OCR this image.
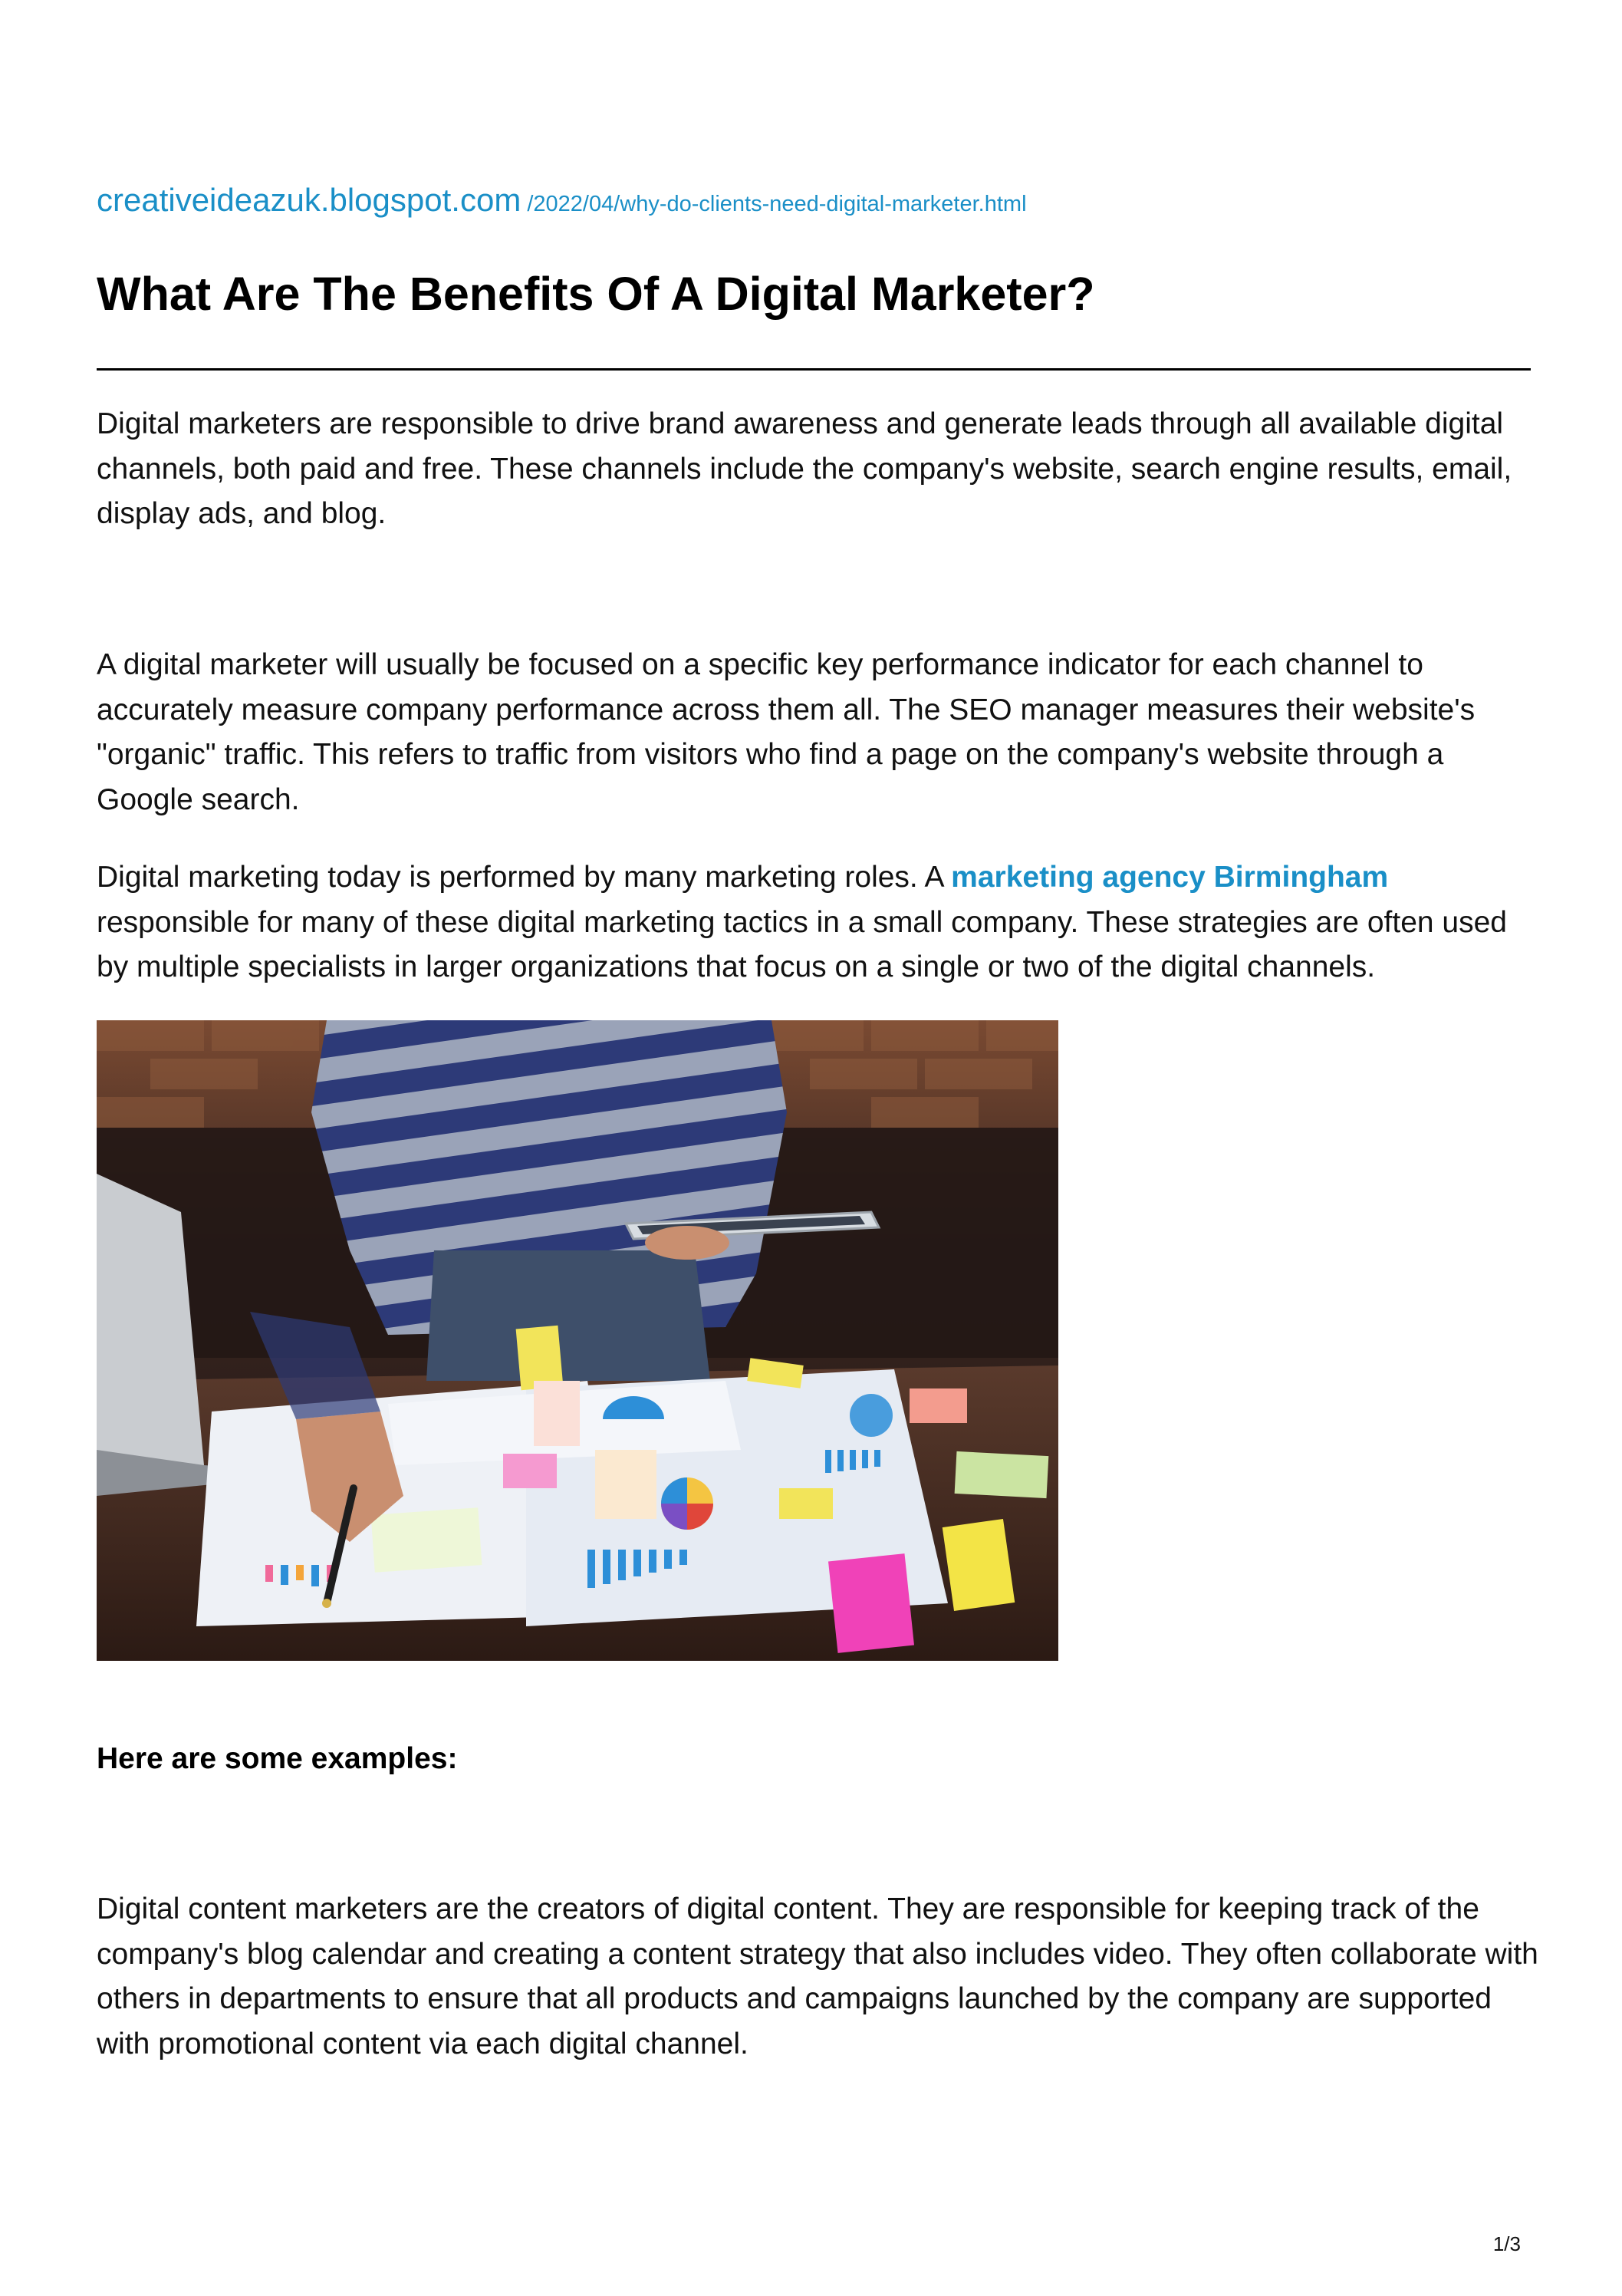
creativeideazuk.blogspot.com /2022/04/why-do-clients-need-digital-marketer.html
What Are The Benefits Of A Digital Marketer?

Digital marketers are responsible to drive brand awareness and generate leads through all available digital channels, both paid and free. These channels include the company's website, search engine results, email, display ads, and blog.

A digital marketer will usually be focused on a specific key performance indicator for each channel to accurately measure company performance across them all. The SEO manager measures their website's "organic" traffic. This refers to traffic from visitors who find a page on the company's website through a Google search.

Digital marketing today is performed by many marketing roles. A marketing agency Birmingham responsible for many of these digital marketing tactics in a small company. These strategies are often used by multiple specialists in larger organizations that focus on a single or two of the digital channels.

Here are some examples:

Digital content marketers are the creators of digital content. They are responsible for keeping track of the company's blog calendar and creating a content strategy that also includes video. They often collaborate with others in departments to ensure that all products and campaigns launched by the company are supported with promotional content via each digital channel.

1/3
